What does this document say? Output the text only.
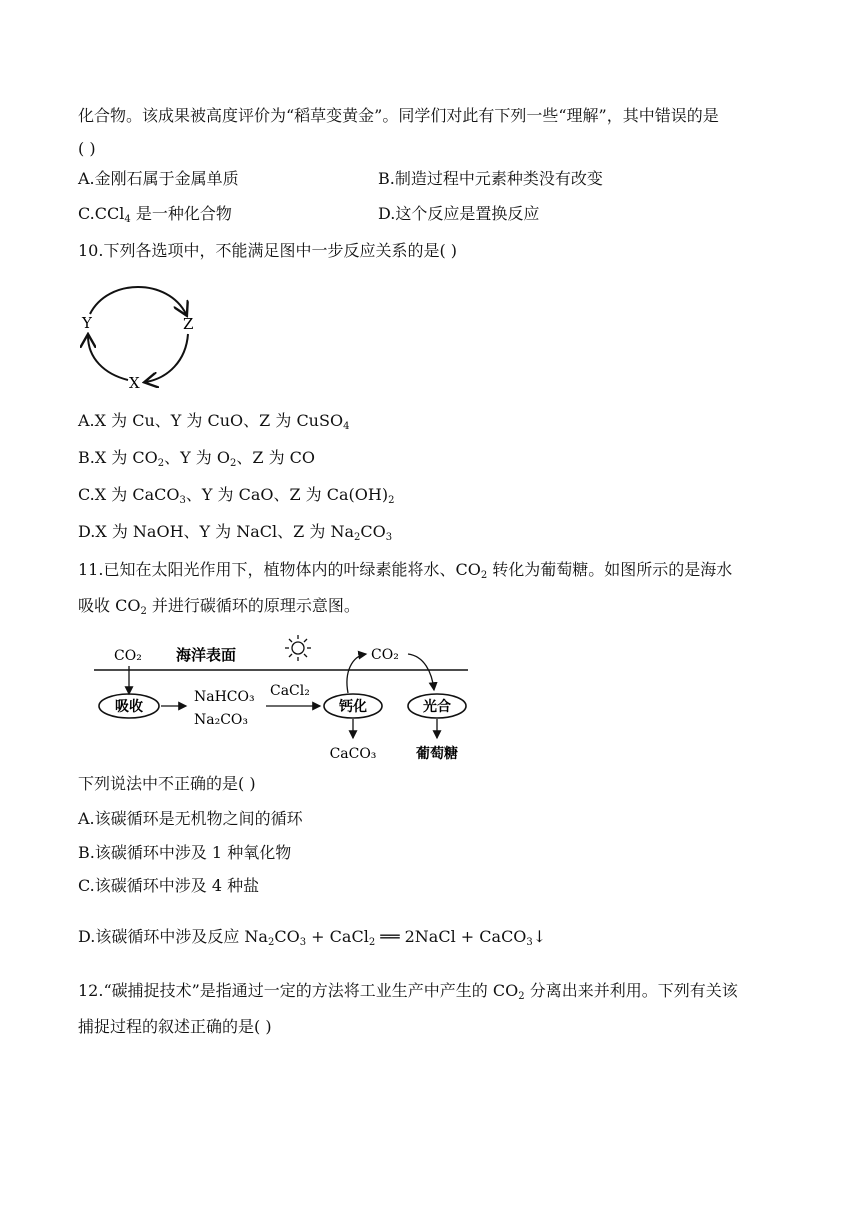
化合物。该成果被高度评价为“稻草变黄金”。同学们对此有下列一些“理解”，其中错误的是
( )
A.金刚石属于金属单质	B.制造过程中元素种类没有改变
C.CCl$_4$ 是一种化合物	D.这个反应是置换反应
10.下列各选项中，不能满足图中一步反应关系的是( )
Y	Z
X
A.X 为 Cu、Y 为 CuO、Z 为 CuSO$_4$
B.X 为 $CO_2$、Y 为 $O_2$、Z 为 CO
C.X 为 CaCO$_3$、Y 为 CaO、Z 为 $Ca(OH)_2$
D.X 为 NaOH、Y 为 NaCl、Z 为 $Na_2CO_3$
11.已知在太阳光作用下，植物体内的叶绿素能将水、$CO_2$ 转化为葡萄糖。如图所示的是海水
吸收 $CO_2$ 并进行碳循环的原理示意图。
CO₂ 海洋表面
吸收
NaHCO₃
Na₂CO₃
CaCl₂
钙化
CO₂
光合
CaCO₃	葡萄糖
下列说法中不正确的是( )
A.该碳循环是无机物之间的循环
B.该碳循环中涉及 1 种氧化物
C.该碳循环中涉及 4 种盐
D.该碳循环中涉及反应 $Na_2CO_3$ + CaCl$_2$ ══ 2NaCl + CaCO$_3$↓
12.“碳捕捉技术”是指通过一定的方法将工业生产中产生的 $CO_2$ 分离出来并利用。下列有关该
捕捉过程的叙述正确的是( )
